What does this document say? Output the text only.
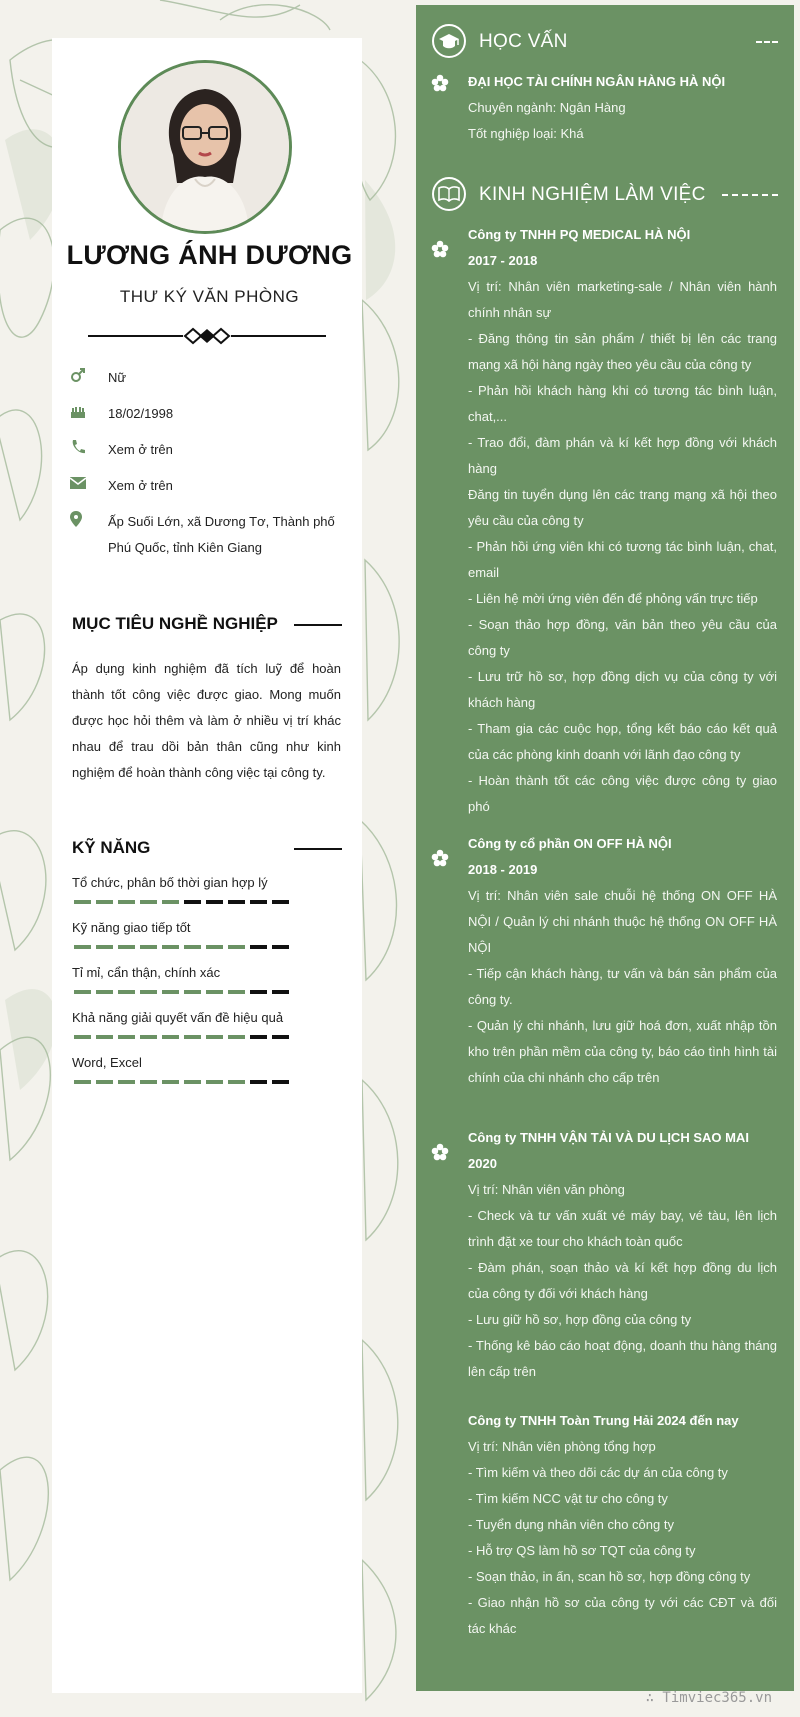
LƯƠNG ÁNH DƯƠNG
THƯ KÝ VĂN PHÒNG
Nữ
18/02/1998
Xem ở trên
Xem ở trên
Ấp Suối Lớn, xã Dương Tơ, Thành phố Phú Quốc, tỉnh Kiên Giang
MỤC TIÊU NGHỀ NGHIỆP
Áp dụng kinh nghiệm đã tích luỹ để hoàn thành tốt công việc được giao. Mong muốn được học hỏi thêm và làm ở nhiều vị trí khác nhau để trau dồi bản thân cũng như kinh nghiệm để hoàn thành công việc tại công ty.
KỸ NĂNG
Tổ chức, phân bố thời gian hợp lý
Kỹ năng giao tiếp tốt
Tỉ mỉ, cẩn thận, chính xác
Khả năng giải quyết vấn đề hiệu quả
Word, Excel
HỌC VẤN
ĐẠI HỌC TÀI CHÍNH NGÂN HÀNG HÀ NỘI
Chuyên ngành: Ngân Hàng
Tốt nghiệp loại: Khá
KINH NGHIỆM LÀM VIỆC
Công ty TNHH PQ MEDICAL HÀ NỘI
2017 - 2018
Vị trí: Nhân viên marketing-sale / Nhân viên hành chính nhân sự
- Đăng thông tin sản phẩm / thiết bị lên các trang mạng xã hội hàng ngày theo yêu cầu của công ty
- Phản hồi khách hàng khi có tương tác bình luận, chat,...
- Trao đổi, đàm phán và kí kết hợp đồng với khách hàng
Đăng tin tuyển dụng lên các trang mạng xã hội theo yêu cầu của công ty
- Phản hồi ứng viên khi có tương tác bình luận, chat, email
- Liên hệ mời ứng viên đến để phỏng vấn trực tiếp
- Soạn thảo hợp đồng, văn bản theo yêu cầu của công ty
- Lưu trữ hồ sơ, hợp đồng dịch vụ của công ty với khách hàng
- Tham gia các cuộc họp, tổng kết báo cáo kết quả của các phòng kinh doanh với lãnh đạo công ty
- Hoàn thành tốt các công việc được công ty giao phó
Công ty cổ phần ON OFF HÀ NỘI
2018 - 2019
Vị trí: Nhân viên sale chuỗi hệ thống ON OFF HÀ NỘI / Quản lý chi nhánh thuộc hệ thống ON OFF HÀ NỘI
- Tiếp cận khách hàng, tư vấn và bán sản phẩm của công ty.
- Quản lý chi nhánh, lưu giữ hoá đơn, xuất nhập tồn kho trên phần mềm của công ty, báo cáo tình hình tài chính của chi nhánh cho cấp trên
Công ty TNHH VẬN TẢI VÀ DU LỊCH SAO MAI
2020
Vị trí: Nhân viên văn phòng
- Check và tư vấn xuất vé máy bay, vé tàu, lên lịch trình đặt xe tour cho khách toàn quốc
- Đàm phán, soạn thảo và kí kết hợp đồng du lịch của công ty đối với khách hàng
- Lưu giữ hồ sơ, hợp đồng của công ty
- Thống kê báo cáo hoạt động, doanh thu hàng tháng lên cấp trên
Công ty TNHH Toàn Trung Hải 2024 đến nay
Vị trí: Nhân viên phòng tổng hợp
- Tìm kiếm và theo dõi các dự án của công ty
- Tìm kiếm NCC vật tư cho công ty
- Tuyển dụng nhân viên cho công ty
- Hỗ trợ QS làm hồ sơ TQT của công ty
- Soạn thảo, in ấn, scan hồ sơ, hợp đồng công ty
- Giao nhận hồ sơ của công ty với các CĐT và đối tác khác
∴ Timviec365.vn
